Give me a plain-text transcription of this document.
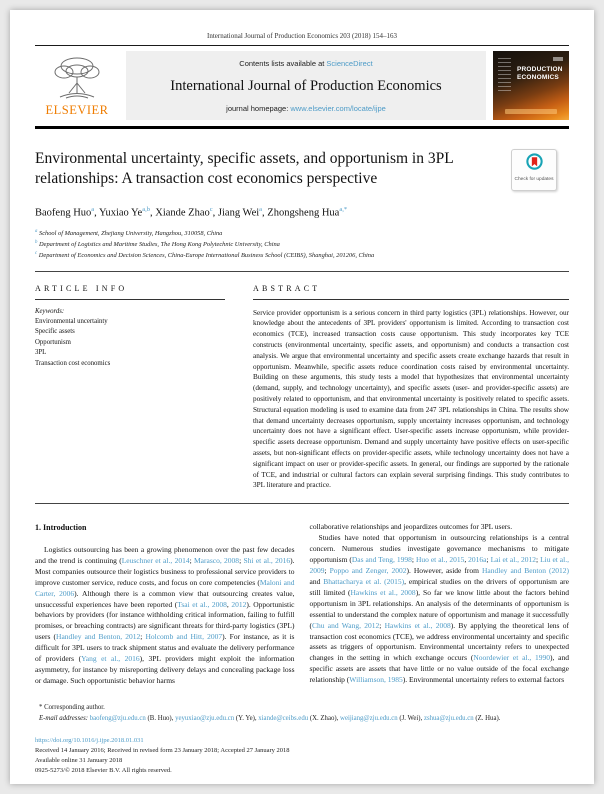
International Journal of Production Economics 203 (2018) 154–163
ELSEVIER
Contents lists available at ScienceDirect
International Journal of Production Economics
journal homepage: www.elsevier.com/locate/ijpe
PRODUCTION
ECONOMICS
Environmental uncertainty, specific assets, and opportunism in 3PL relationships: A transaction cost economics perspective	Check for updates
Baofeng Huo$^a$, Yuxiao Ye$^{a,b}$, Xiande Zhao$^c$, Jiang Wei$^a$, Zhongsheng Hua$^{a,*}$
$^a$ School of Management, Zhejiang University, Hangzhou, 310058, China
$^b$ Department of Logistics and Maritime Studies, The Hong Kong Polytechnic University, China
$^c$ Department of Economics and Decision Sciences, China-Europe International Business School (CEIBS), Shanghai, 201206, China
ARTICLE INFO
Keywords:
Environmental uncertainty
Specific assets
Opportunism
3PL
Transaction cost economics
ABSTRACT
Service provider opportunism is a serious concern in third party logistics (3PL) relationships. However, our knowledge about the antecedents of 3PL providers' opportunism is limited. According to transaction cost economics (TCE), increased transaction costs cause opportunism. This study incorporates key TCE constructs (environmental uncertainty, specific assets, and opportunism) and conducts a transaction cost analysis. We argue that environmental uncertainty and specific assets create exchange hazards that result in opportunism. Meanwhile, specific assets reduce coordination costs raised by environmental uncertainty. Building on these arguments, this study tests a model that hypothesizes that environmental uncertainty (demand, supply, and technology uncertainty), and specific assets (user- and provider-specific assets) are positively related to opportunism, and that environmental uncertainty is positively related to specific assets. Structural equation modeling is used to examine data from 247 3PL relationships in China. The results show that demand uncertainty decreases opportunism, supply uncertainty increases opportunism, and technology uncertainty does not have a significant effect. User-specific assets increase opportunism, while provider-specific assets decrease opportunism. Demand and supply uncertainty have positive effects on user-specific assets, but non-significant effects on provider-specific assets, while technology uncertainty does not have a significant impact on user or provider-specific assets. In general, our findings are supported by the rationale of TCE, and industrial or cultural factors can explain several surprising findings. This study contributes to 3PL literature and practice.
1. Introduction

Logistics outsourcing has been a growing phenomenon over the past few decades and the trend is continuing (Leuschner et al., 2014; Marasco, 2008; Shi et al., 2016). Most companies outsource their logistics business to professional service providers to improve customer service, reduce costs, and focus on core competencies (Maloni and Carter, 2006). Although there is a common view that outsourcing creates value, unsuccessful experiences have been reported (Tsai et al., 2008, 2012). Opportunistic behaviors by providers (for instance withholding critical information, failing to fulfill promises, or breaching contracts) are significant threats for third-party logistics (3PL) users (Handley and Benton, 2012; Holcomb and Hitt, 2007). For instance, as it is difficult for 3PL users to track shipment status and evaluate the delivery performance of providers (Yang et al., 2016), 3PL providers might exploit the information asymmetry, for instance by misreporting delivery delays and concealing package loss or damage. Such opportunistic behavior harms

collaborative relationships and jeopardizes outcomes for 3PL users.

Studies have noted that opportunism in outsourcing relationships is a central concern. Numerous studies investigate governance mechanisms to mitigate opportunism (Das and Teng, 1998; Huo et al., 2015, 2016a; Lai et al., 2012; Liu et al., 2009; Poppo and Zenger, 2002). However, aside from Handley and Benton (2012) and Bhattacharya et al. (2015), empirical studies on the drivers of opportunism are still limited (Hawkins et al., 2008), So far we know little about the factors behind opportunism in 3PL relationships. An analysis of the determinants of opportunism is essential to understand the complex nature of opportunism and manage it successfully (Chu and Wang, 2012; Hawkins et al., 2008). By applying the theoretical lens of transaction cost economics (TCE), we address environmental uncertainty and specific assets as triggers of opportunism. Environmental uncertainty refers to unexpected changes in the setting in which exchange occurs (Noordewier et al., 1990), and specific assets are assets that have little or no value outside of the focal exchange relationship (Williamson, 1985). Environmental uncertainty refers to external factors

* Corresponding author.
E-mail addresses: baofeng@zju.edu.cn (B. Huo), yeyuxiao@zju.edu.cn (Y. Ye), xiande@ceibs.edu (X. Zhao), weijiang@zju.edu.cn (J. Wei), zshua@zju.edu.cn (Z. Hua).
https://doi.org/10.1016/j.ijpe.2018.01.031
Received 14 January 2016; Received in revised form 23 January 2018; Accepted 27 January 2018
Available online 31 January 2018
0925-5273/© 2018 Elsevier B.V. All rights reserved.
